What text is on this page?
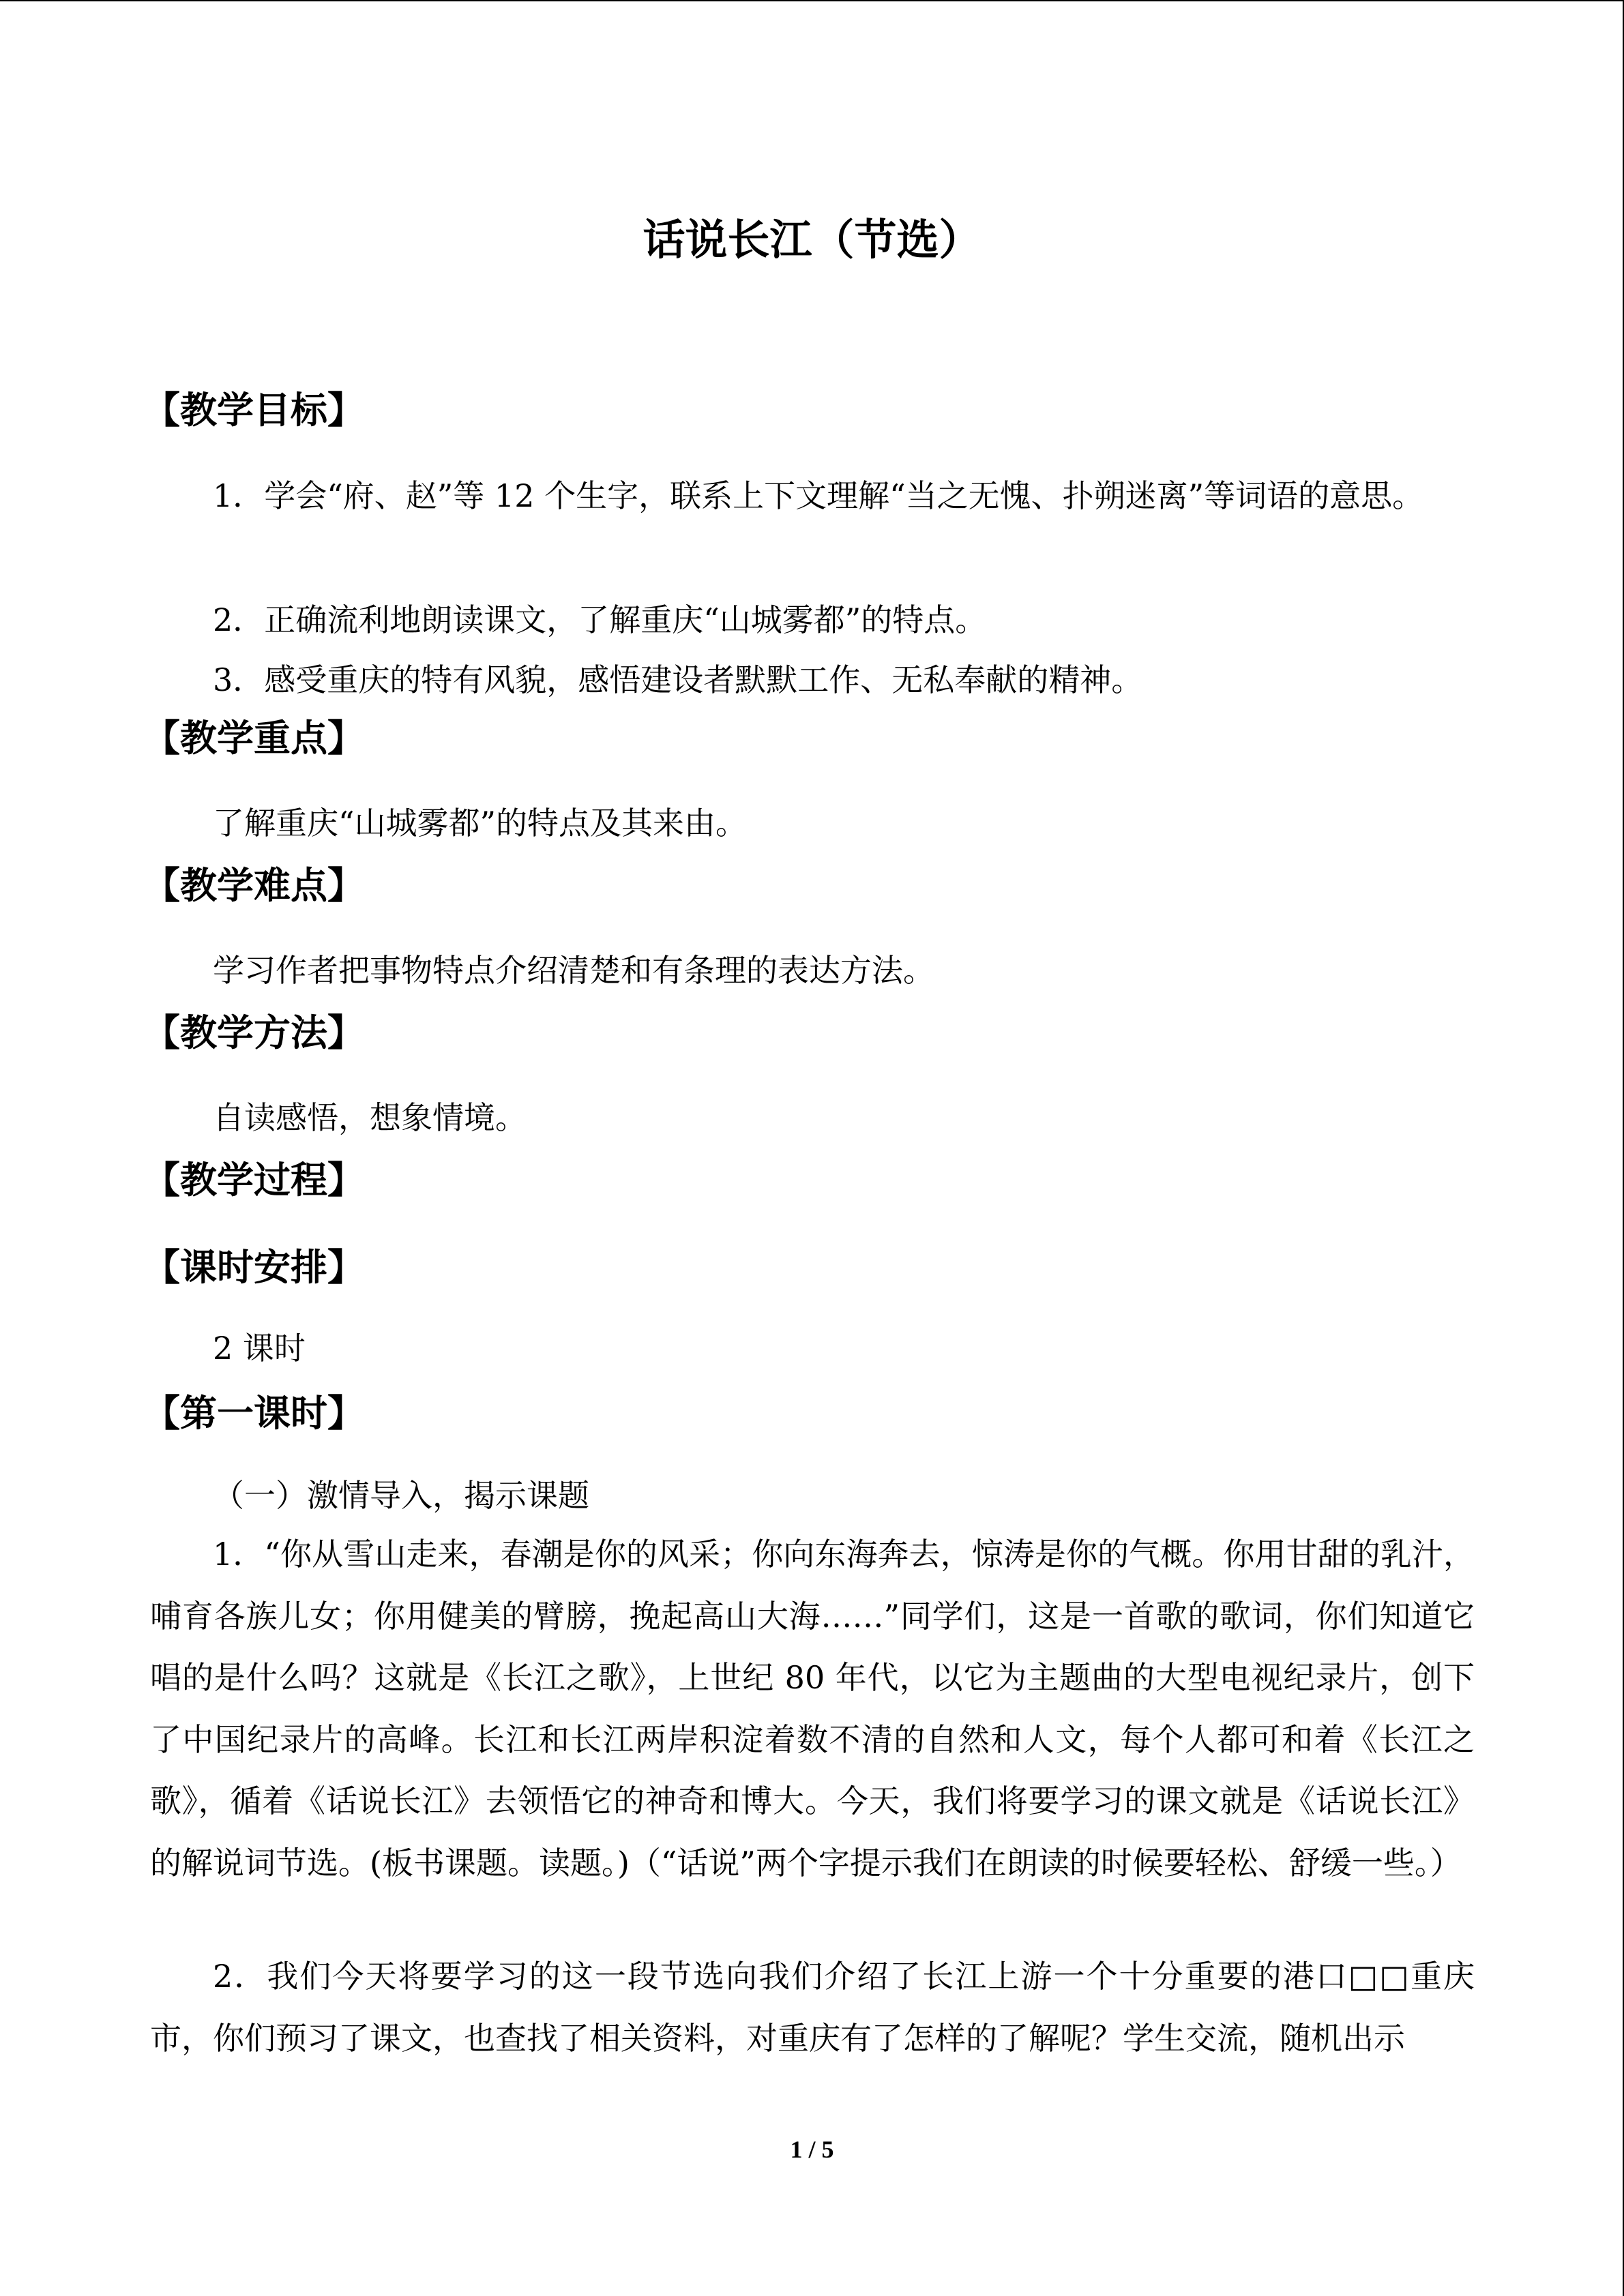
话说长江（节选）
【教学目标】

1．学会“府、赵”等 12 个生字，联系上下文理解“当之无愧、扑朔迷离”等词语的意思。

2．正确流利地朗读课文，了解重庆“山城雾都”的特点。

3．感受重庆的特有风貌，感悟建设者默默工作、无私奉献的精神。

【教学重点】

了解重庆“山城雾都”的特点及其来由。

【教学难点】

学习作者把事物特点介绍清楚和有条理的表达方法。

【教学方法】

自读感悟，想象情境。

【教学过程】
【课时安排】

2 课时

【第一课时】

（一）激情导入，揭示课题

1．“你从雪山走来，春潮是你的风采；你向东海奔去，惊涛是你的气概。你用甘甜的乳汁，哺育各族儿女；你用健美的臂膀，挽起高山大海……”同学们，这是一首歌的歌词，你们知道它唱的是什么吗？这就是《长江之歌》，上世纪 80 年代，以它为主题曲的大型电视纪录片，创下了中国纪录片的高峰。长江和长江两岸积淀着数不清的自然和人文，每个人都可和着《长江之歌》，循着《话说长江》去领悟它的神奇和博大。今天，我们将要学习的课文就是《话说长江》的解说词节选。(板书课题。读题。)（“话说”两个字提示我们在朗读的时候要轻松、舒缓一些。）

2．我们今天将要学习的这一段节选向我们介绍了长江上游一个十分重要的港口□□重庆市，你们预习了课文，也查找了相关资料，对重庆有了怎样的了解呢？学生交流，随机出示

1 / 5
